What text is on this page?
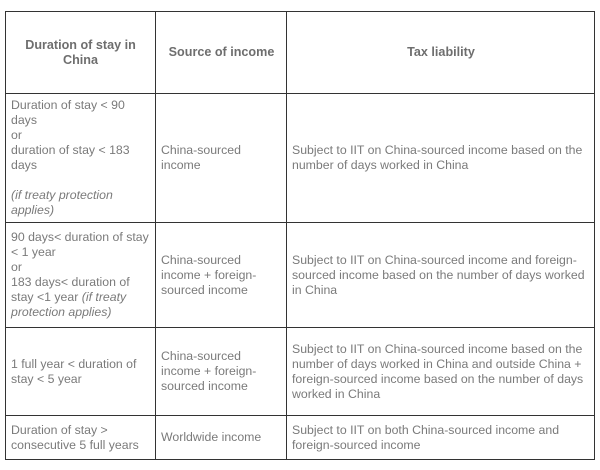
Duration of stay in China	Source of income	Tax liability

Duration of stay < 90 days
or
duration of stay < 183 days
(if treaty protection applies)	China-sourced income	Subject to IIT on China-sourced income based on the number of days worked in China

90 days< duration of stay < 1 year
or
183 days< duration of stay <1 year (if treaty protection applies)	China-sourced income + foreign-sourced income	Subject to IIT on China-sourced income and foreign-sourced income based on the number of days worked in China
1 full year < duration of stay < 5 year	China-sourced income + foreign-sourced income	Subject to IIT on China-sourced income based on the number of days worked in China and outside China + foreign-sourced income based on the number of days worked in China
Duration of stay > consecutive 5 full years	Worldwide income	Subject to IIT on both China-sourced income and foreign-sourced income
